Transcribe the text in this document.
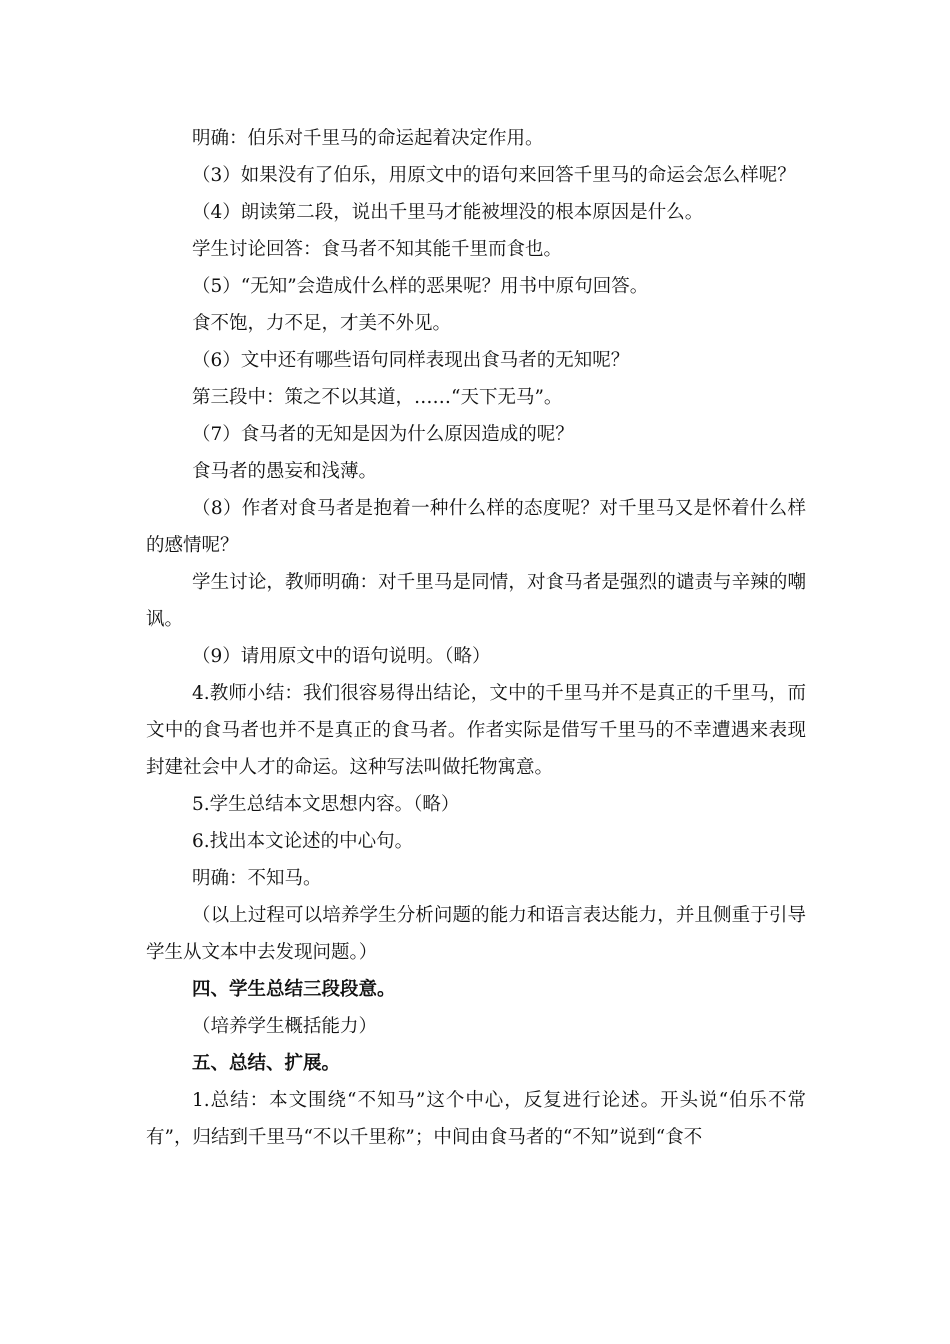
明确：伯乐对千里马的命运起着决定作用。

（3）如果没有了伯乐，用原文中的语句来回答千里马的命运会怎么样呢？

（4）朗读第二段，说出千里马才能被埋没的根本原因是什么。

学生讨论回答：食马者不知其能千里而食也。

（5）“无知”会造成什么样的恶果呢？用书中原句回答。

食不饱，力不足，才美不外见。

（6）文中还有哪些语句同样表现出食马者的无知呢？

第三段中：策之不以其道，……“天下无马”。

（7）食马者的无知是因为什么原因造成的呢？

食马者的愚妄和浅薄。

（8）作者对食马者是抱着一种什么样的态度呢？对千里马又是怀着什么样的感情呢？

学生讨论，教师明确：对千里马是同情，对食马者是强烈的谴责与辛辣的嘲讽。

（9）请用原文中的语句说明。（略）

4.教师小结：我们很容易得出结论，文中的千里马并不是真正的千里马，而文中的食马者也并不是真正的食马者。作者实际是借写千里马的不幸遭遇来表现封建社会中人才的命运。这种写法叫做托物寓意。

5.学生总结本文思想内容。（略）

6.找出本文论述的中心句。

明确：不知马。

（以上过程可以培养学生分析问题的能力和语言表达能力，并且侧重于引导学生从文本中去发现问题。）

四、学生总结三段段意。

（培养学生概括能力）

五、总结、扩展。

1.总结：本文围绕“不知马”这个中心，反复进行论述。开头说“伯乐不常有”，归结到千里马“不以千里称”；中间由食马者的“不知”说到“食不
